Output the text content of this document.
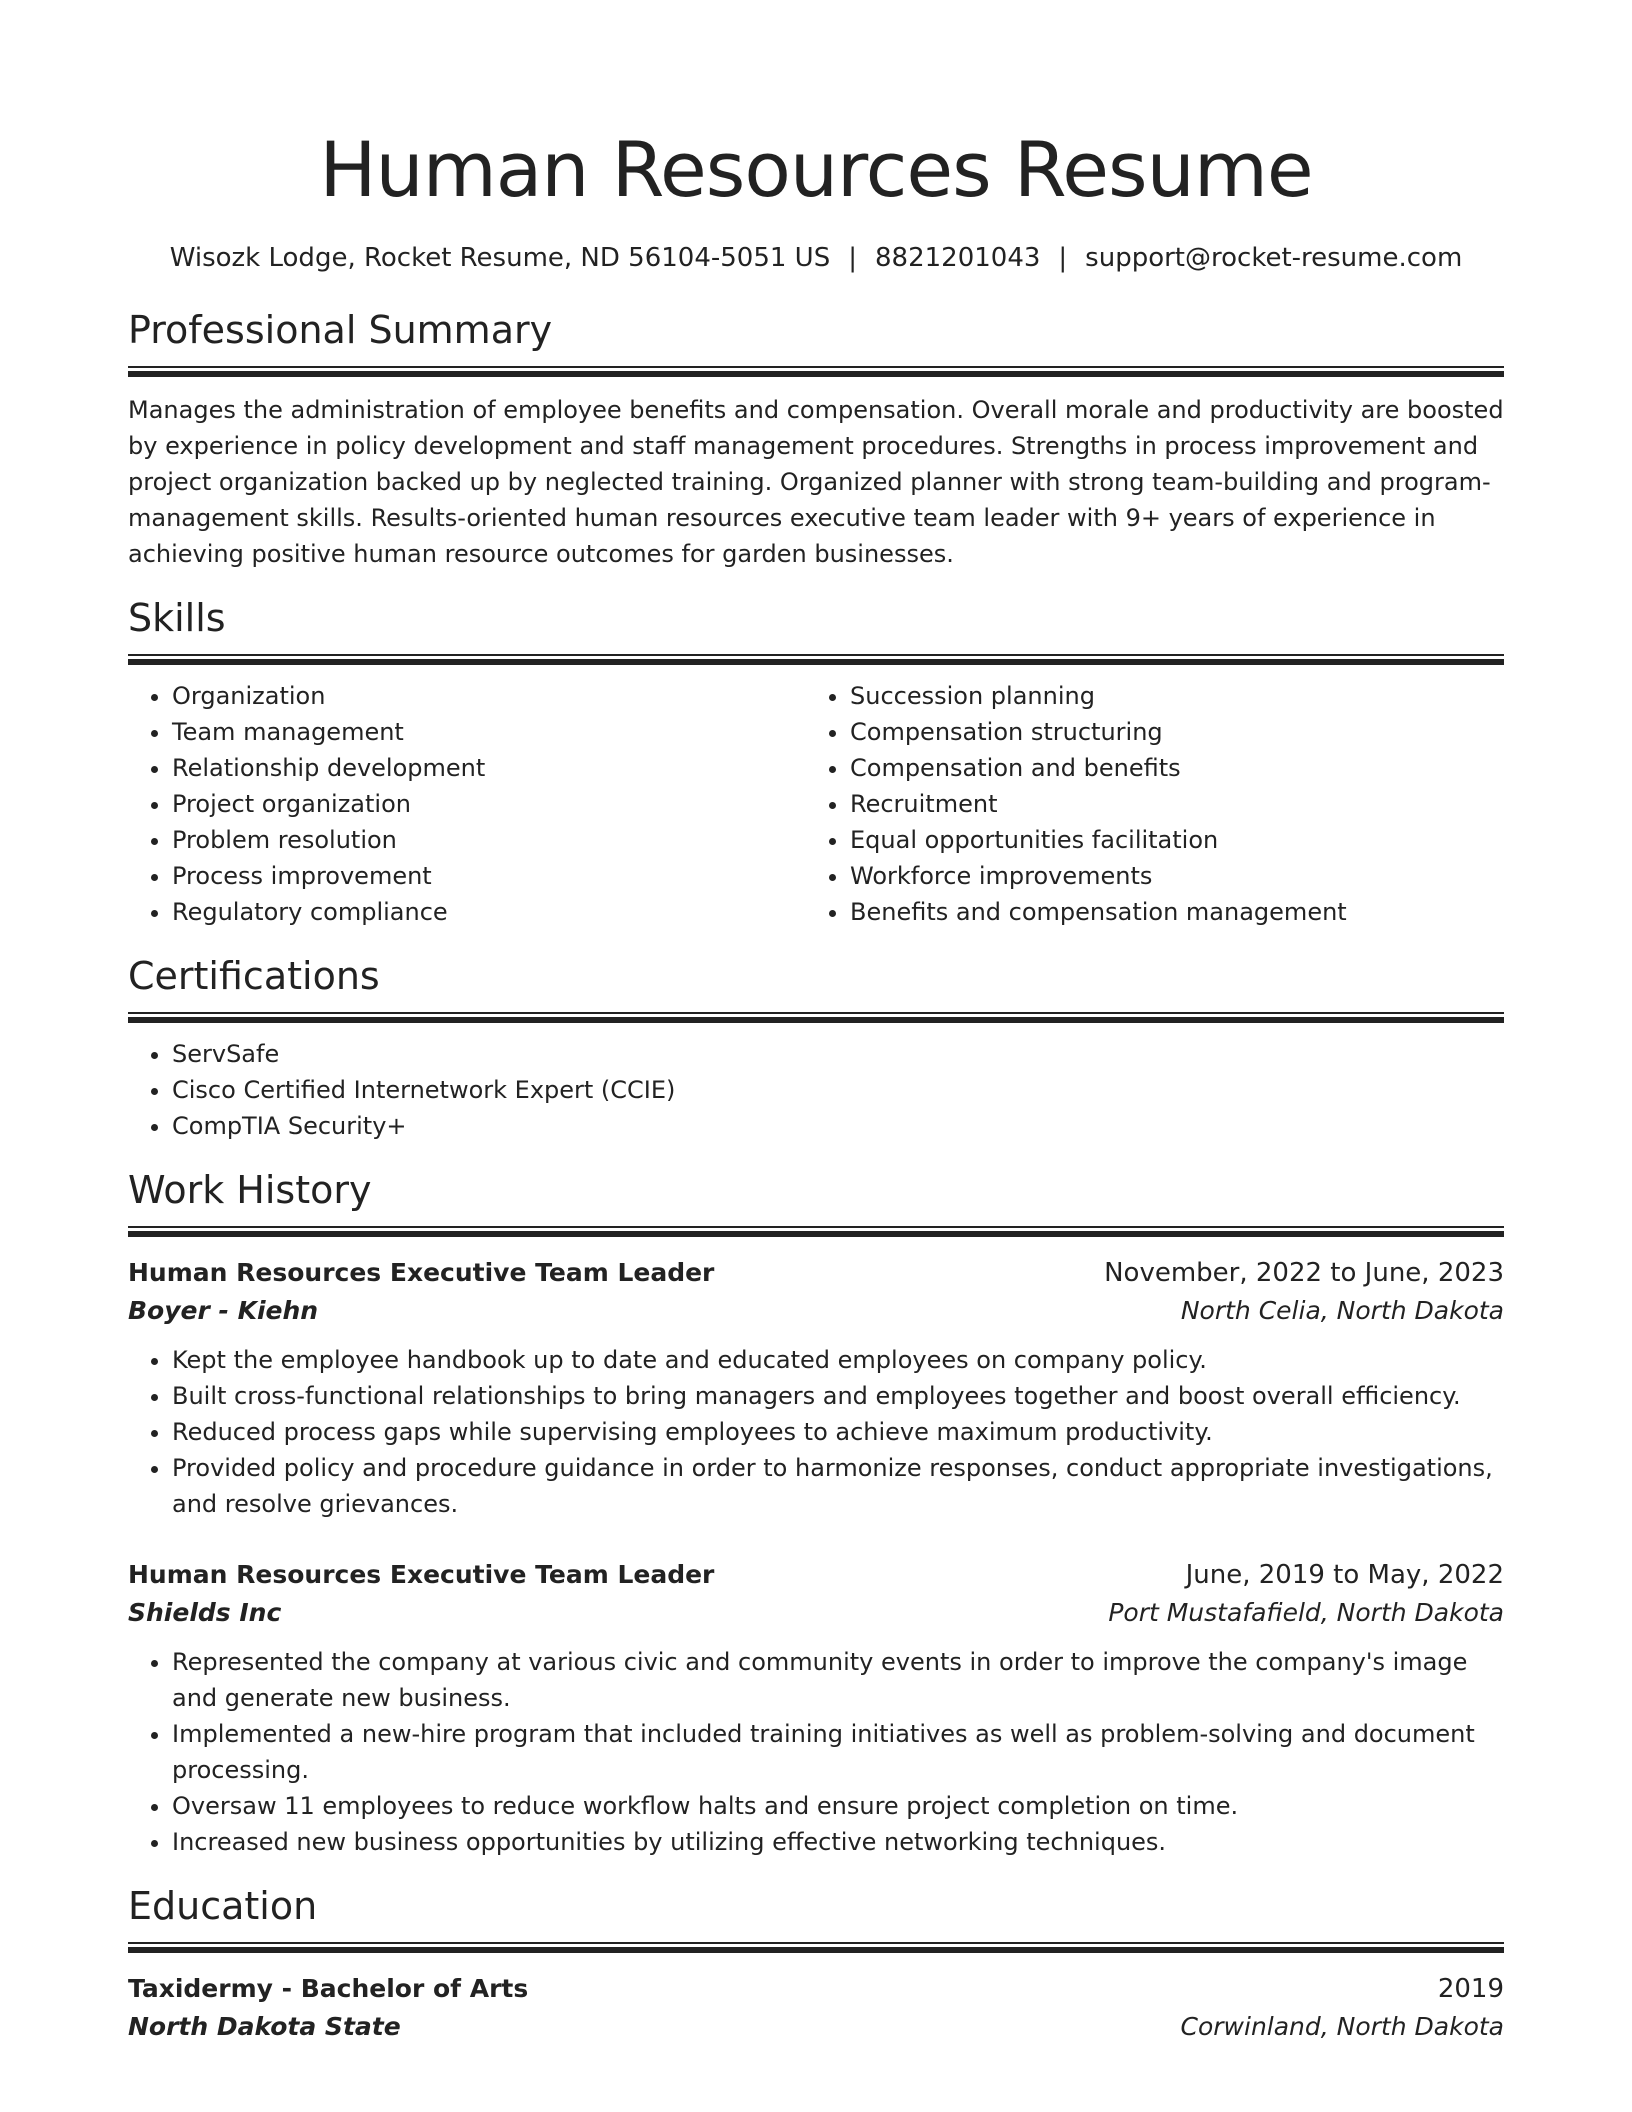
Human Resources Resume
Wisozk Lodge, Rocket Resume, ND 56104-5051 US | 8821201043 | support@rocket-resume.com
Professional Summary
Manages the administration of employee benefits and compensation. Overall morale and productivity are boosted by experience in policy development and staff management procedures. Strengths in process improvement and project organization backed up by neglected training. Organized planner with strong team-building and program-management skills. Results-oriented human resources executive team leader with 9+ years of experience in achieving positive human resource outcomes for garden businesses.
Skills
• Organization
• Team management
• Relationship development
• Project organization
• Problem resolution
• Process improvement
• Regulatory compliance
• Succession planning
• Compensation structuring
• Compensation and benefits
• Recruitment
• Equal opportunities facilitation
• Workforce improvements
• Benefits and compensation management
Certifications
• ServSafe
• Cisco Certified Internetwork Expert (CCIE)
• CompTIA Security+
Work History
Human Resources Executive Team Leader	November, 2022 to June, 2023
Boyer - Kiehn	North Celia, North Dakota
• Kept the employee handbook up to date and educated employees on company policy.
• Built cross-functional relationships to bring managers and employees together and boost overall efficiency.
• Reduced process gaps while supervising employees to achieve maximum productivity.
• Provided policy and procedure guidance in order to harmonize responses, conduct appropriate investigations, and resolve grievances.
Human Resources Executive Team Leader	June, 2019 to May, 2022
Shields Inc	Port Mustafafield, North Dakota
• Represented the company at various civic and community events in order to improve the company's image and generate new business.
• Implemented a new-hire program that included training initiatives as well as problem-solving and document processing.
• Oversaw 11 employees to reduce workflow halts and ensure project completion on time.
• Increased new business opportunities by utilizing effective networking techniques.
Education
Taxidermy - Bachelor of Arts	2019
North Dakota State	Corwinland, North Dakota
